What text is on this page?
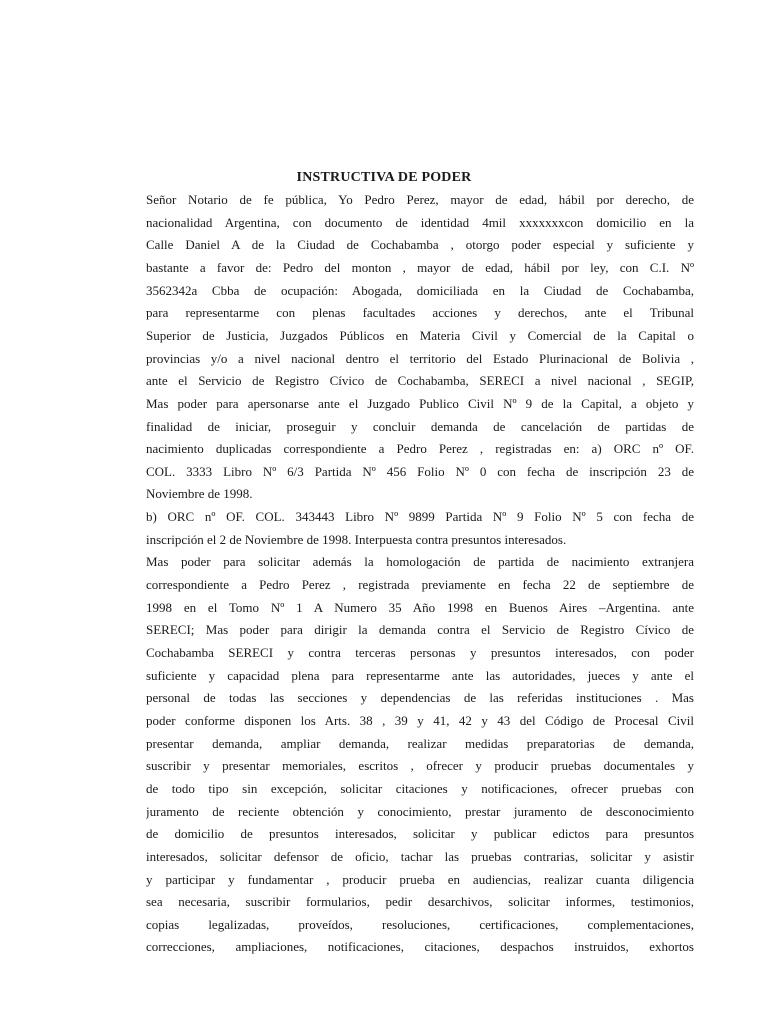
INSTRUCTIVA DE PODER
Señor Notario de fe pública, Yo Pedro Perez, mayor de edad, hábil por derecho, de
nacionalidad Argentina, con documento de identidad 4mil xxxxxxxcon domicilio en la
Calle Daniel A de la Ciudad de Cochabamba , otorgo poder especial y suficiente y
bastante a favor de: Pedro del monton , mayor de edad, hábil por ley, con C.I. Nº
3562342a Cbba de ocupación: Abogada, domiciliada en la Ciudad de Cochabamba,
para representarme con plenas facultades acciones y derechos, ante el Tribunal
Superior de Justicia, Juzgados Públicos en Materia Civil y Comercial de la Capital o
provincias y/o a nivel nacional dentro el territorio del Estado Plurinacional de Bolivia ,
ante el Servicio de Registro Cívico de Cochabamba, SERECI a nivel nacional , SEGIP,
Mas poder para apersonarse ante el Juzgado Publico Civil Nº 9 de la Capital, a objeto y
finalidad de iniciar, proseguir y concluir demanda de cancelación de partidas de
nacimiento duplicadas correspondiente a Pedro Perez , registradas en: a) ORC nº OF.
COL. 3333 Libro Nº 6/3 Partida Nº 456 Folio Nº 0 con fecha de inscripción 23 de
Noviembre de 1998.
b) ORC nº OF. COL. 343443 Libro Nº 9899 Partida Nº 9 Folio Nº 5 con fecha de
inscripción el 2 de Noviembre de 1998. Interpuesta contra presuntos interesados.
Mas poder para solicitar además la homologación de partida de nacimiento extranjera
correspondiente a Pedro Perez , registrada previamente en fecha 22 de septiembre de
1998 en el Tomo Nº 1 A Numero 35 Año 1998 en Buenos Aires –Argentina. ante
SERECI; Mas poder para dirigir la demanda contra el Servicio de Registro Cívico de
Cochabamba SERECI y contra terceras personas y presuntos interesados, con poder
suficiente y capacidad plena para representarme ante las autoridades, jueces y ante el
personal de todas las secciones y dependencias de las referidas instituciones . Mas
poder conforme disponen los Arts. 38 , 39 y 41, 42 y 43 del Código de Procesal Civil
presentar demanda, ampliar demanda, realizar medidas preparatorias de demanda,
suscribir y presentar memoriales, escritos , ofrecer y producir pruebas documentales y
de todo tipo sin excepción, solicitar citaciones y notificaciones, ofrecer pruebas con
juramento de reciente obtención y conocimiento, prestar juramento de desconocimiento
de domicilio de presuntos interesados, solicitar y publicar edictos para presuntos
interesados, solicitar defensor de oficio, tachar las pruebas contrarias, solicitar y asistir
y participar y fundamentar , producir prueba en audiencias, realizar cuanta diligencia
sea necesaria, suscribir formularios, pedir desarchivos, solicitar informes, testimonios,
copias legalizadas, proveídos, resoluciones, certificaciones, complementaciones,
correcciones, ampliaciones, notificaciones, citaciones, despachos instruidos, exhortos
